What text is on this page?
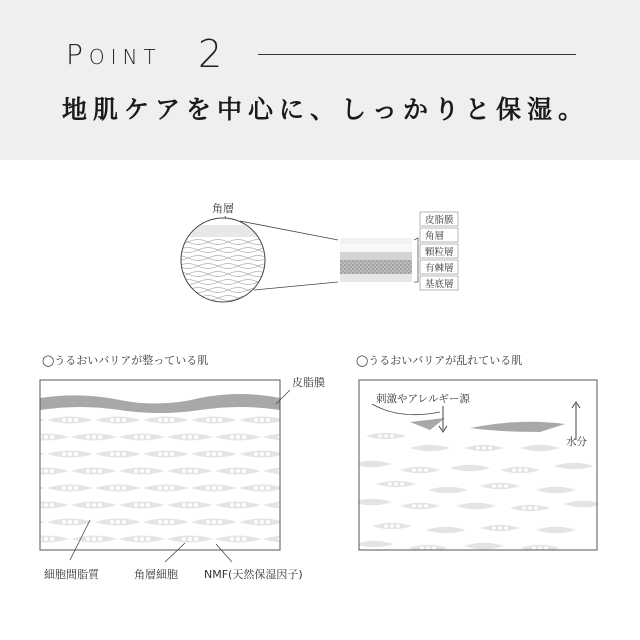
POINT 2
地肌ケアを中心に、しっかりと保湿。
角層
皮脂膜
角層
顆粒層
有棘層
基底層
◯うるおいバリアが整っている肌
皮脂膜
細胞間脂質	角層細胞 NMF(天然保湿因子)
◯うるおいバリアが乱れている肌
刺激やアレルギー源
水分
